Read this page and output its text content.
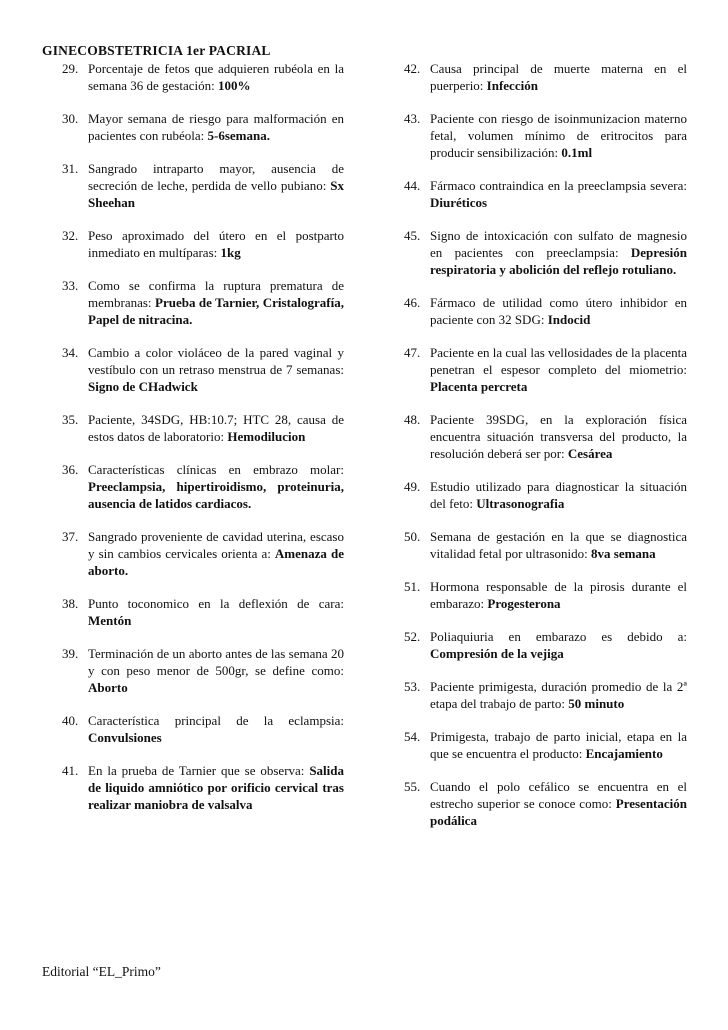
GINECOBSTETRICIA 1er PACRIAL
29. Porcentaje de fetos que adquieren rubéola en la semana 36 de gestación: 100%
30. Mayor semana de riesgo para malformación en pacientes con rubéola: 5-6semana.
31. Sangrado intraparto mayor, ausencia de secreción de leche, perdida de vello pubiano: Sx Sheehan
32. Peso aproximado del útero en el postparto inmediato en multíparas: 1kg
33. Como se confirma la ruptura prematura de membranas: Prueba de Tarnier, Cristalografía, Papel de nitracina.
34. Cambio a color violáceo de la pared vaginal y vestíbulo con un retraso menstrua de 7 semanas: Signo de CHadwick
35. Paciente, 34SDG, HB:10.7; HTC 28, causa de estos datos de laboratorio: Hemodilucion
36. Características clínicas en embrazo molar: Preeclampsia, hipertiroidismo, proteinuria, ausencia de latidos cardiacos.
37. Sangrado proveniente de cavidad uterina, escaso y sin cambios cervicales orienta a: Amenaza de aborto.
38. Punto toconomico en la deflexión de cara: Mentón
39. Terminación de un aborto antes de las semana 20 y con peso menor de 500gr, se define como: Aborto
40. Característica principal de la eclampsia: Convulsiones
41. En la prueba de Tarnier que se observa: Salida de liquido amniótico por orificio cervical tras realizar maniobra de valsalva
42. Causa principal de muerte materna en el puerperio: Infección
43. Paciente con riesgo de isoinmunizacion materno fetal, volumen mínimo de eritrocitos para producir sensibilización: 0.1ml
44. Fármaco contraindica en la preeclampsia severa: Diuréticos
45. Signo de intoxicación con sulfato de magnesio en pacientes con preeclampsia: Depresión respiratoria y abolición del reflejo rotuliano.
46. Fármaco de utilidad como útero inhibidor en paciente con 32 SDG: Indocid
47. Paciente en la cual las vellosidades de la placenta penetran el espesor completo del miometrio: Placenta percreta
48. Paciente 39SDG, en la exploración física encuentra situación transversa del producto, la resolución deberá ser por: Cesárea
49. Estudio utilizado para diagnosticar la situación del feto: Ultrasonografia
50. Semana de gestación en la que se diagnostica vitalidad fetal por ultrasonido: 8va semana
51. Hormona responsable de la pirosis durante el embarazo: Progesterona
52. Poliaquiuria en embarazo es debido a: Compresión de la vejiga
53. Paciente primigesta, duración promedio de la 2ª etapa del trabajo de parto: 50 minuto
54. Primigesta, trabajo de parto inicial, etapa en la que se encuentra el producto: Encajamiento
55. Cuando el polo cefálico se encuentra en el estrecho superior se conoce como: Presentación podálica
Editorial “EL_Primo”
